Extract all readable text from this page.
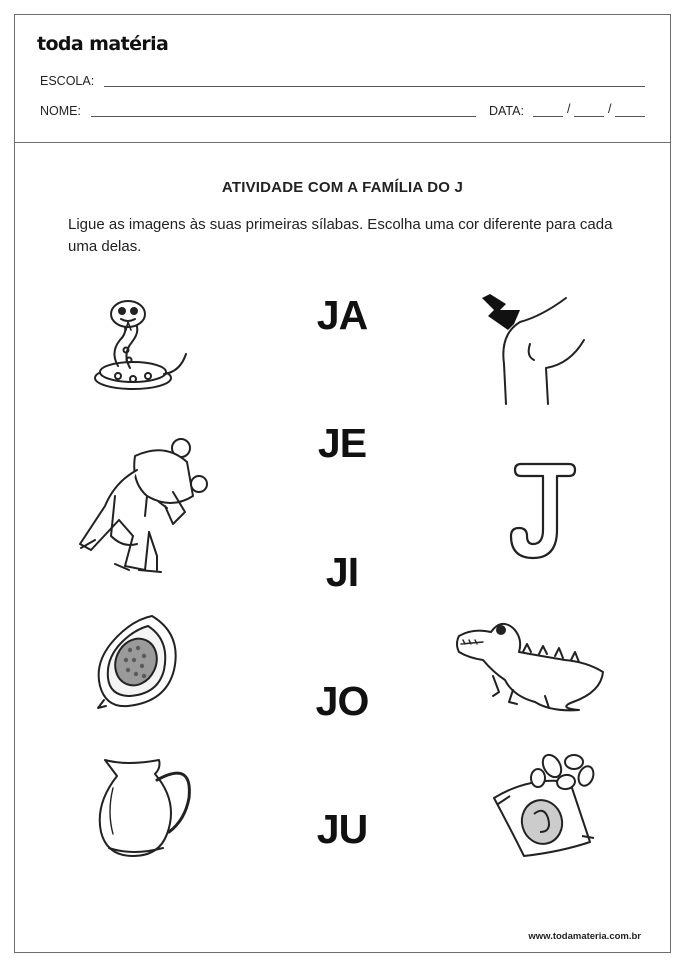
toda matéria
ESCOLA:
NOME:	DATA:	/	/
ATIVIDADE COM A FAMÍLIA DO J
Ligue as imagens às suas primeiras sílabas. Escolha uma cor diferente para cada uma delas.
JA
JE
JI
JO
JU
www.todamateria.com.br
